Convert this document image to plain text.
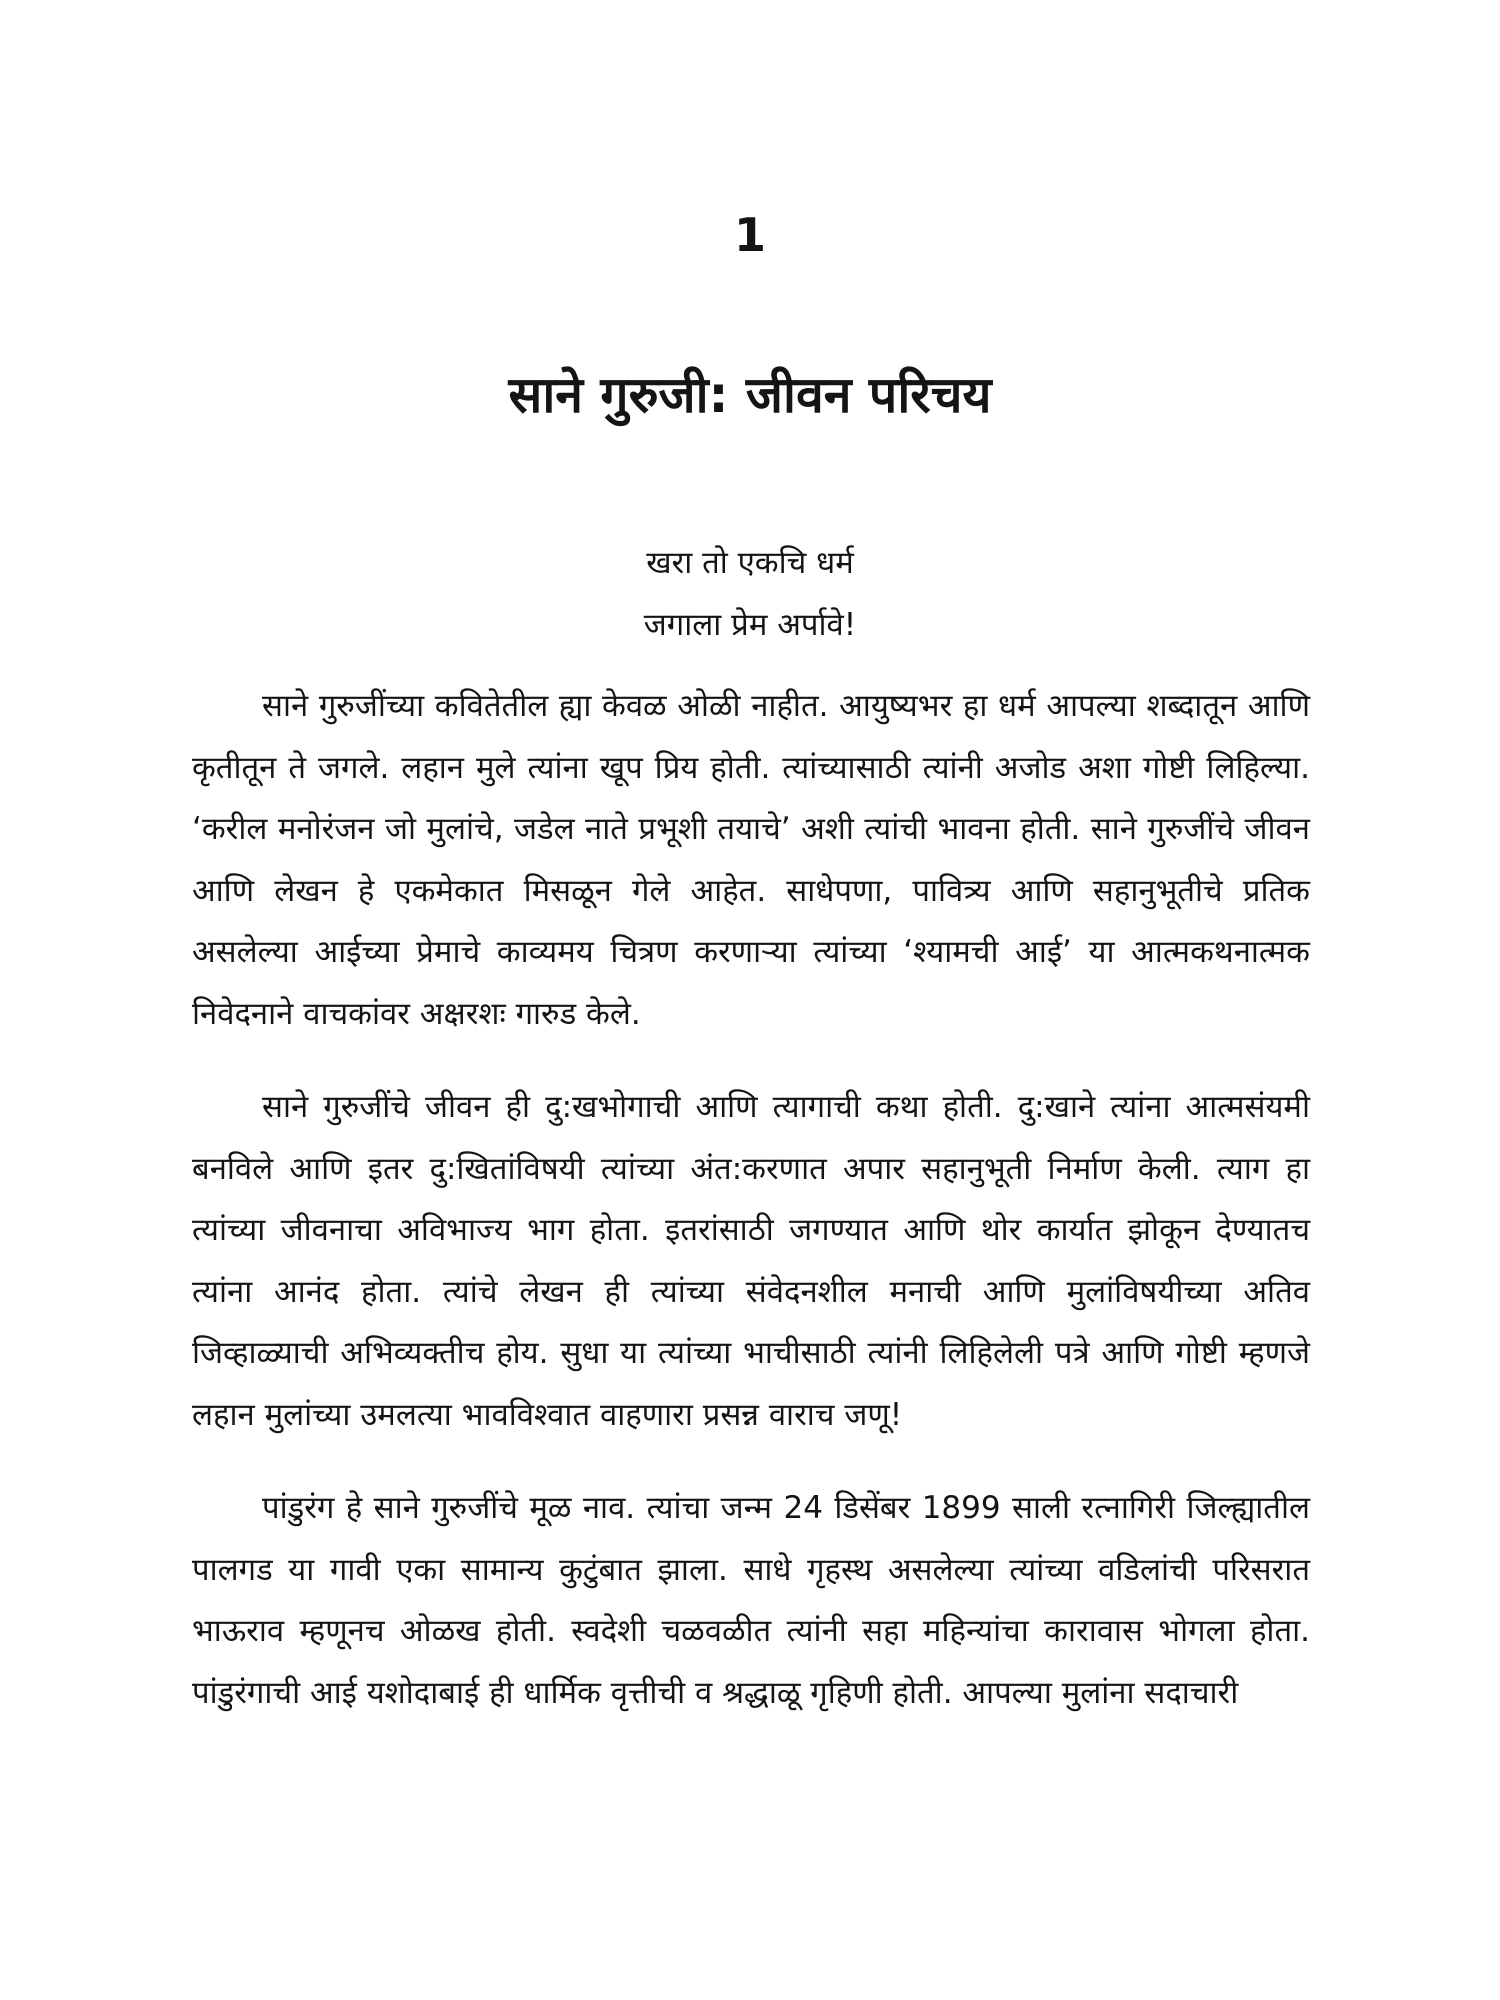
1
साने गुरुजी: जीवन परिचय
खरा तो एकचि धर्म
जगाला प्रेम अर्पावे!

साने गुरुजींच्या कवितेतील ह्या केवळ ओळी नाहीत. आयुष्यभर हा धर्म आपल्या शब्दातून आणि कृतीतून ते जगले. लहान मुले त्यांना खूप प्रिय होती. त्यांच्यासाठी त्यांनी अजोड अशा गोष्टी लिहिल्या. ‘करील मनोरंजन जो मुलांचे, जडेल नाते प्रभूशी तयाचे’ अशी त्यांची भावना होती. साने गुरुजींचे जीवन आणि लेखन हे एकमेकात मिसळून गेले आहेत. साधेपणा, पावित्र्य आणि सहानुभूतीचे प्रतिक असलेल्या आईच्या प्रेमाचे काव्यमय चित्रण करणाऱ्या त्यांच्या ‘श्यामची आई’ या आत्मकथनात्मक निवेदनाने वाचकांवर अक्षरशः गारुड केले.

साने गुरुजींचे जीवन ही दु:खभोगाची आणि त्यागाची कथा होती. दु:खाने त्यांना आत्मसंयमी बनविले आणि इतर दु:खितांविषयी त्यांच्या अंत:करणात अपार सहानुभूती निर्माण केली. त्याग हा त्यांच्या जीवनाचा अविभाज्य भाग होता. इतरांसाठी जगण्यात आणि थोर कार्यात झोकून देण्यातच त्यांना आनंद होता. त्यांचे लेखन ही त्यांच्या संवेदनशील मनाची आणि मुलांविषयीच्या अतिव जिव्हाळ्याची अभिव्यक्तीच होय. सुधा या त्यांच्या भाचीसाठी त्यांनी लिहिलेली पत्रे आणि गोष्टी म्हणजे लहान मुलांच्या उमलत्या भावविश्वात वाहणारा प्रसन्न वाराच जणू!

पांडुरंग हे साने गुरुजींचे मूळ नाव. त्यांचा जन्म 24 डिसेंबर 1899 साली रत्नागिरी जिल्ह्यातील पालगड या गावी एका सामान्य कुटुंबात झाला. साधे गृहस्थ असलेल्या त्यांच्या वडिलांची परिसरात भाऊराव म्हणूनच ओळख होती. स्वदेशी चळवळीत त्यांनी सहा महिन्यांचा कारावास भोगला होता. पांडुरंगाची आई यशोदाबाई ही धार्मिक वृत्तीची व श्रद्धाळू गृहिणी होती. आपल्या मुलांना सदाचारी
